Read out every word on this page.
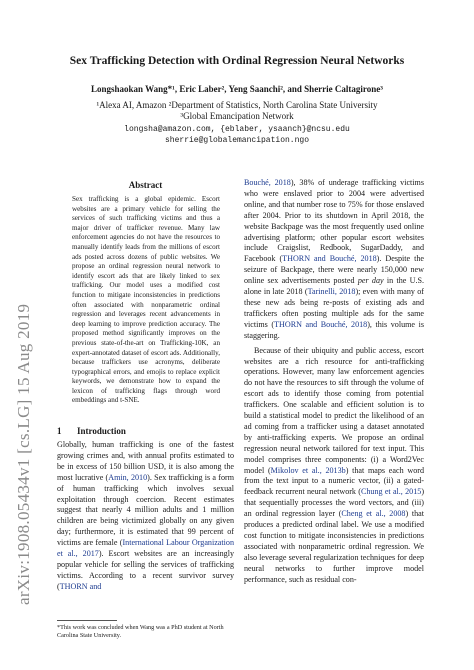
arXiv:1908.05434v1 [cs.LG] 15 Aug 2019
Sex Trafficking Detection with Ordinal Regression Neural Networks
Longshaokan Wang*¹, Eric Laber², Yeng Saanchi², and Sherrie Caltagirone³
¹Alexa AI, Amazon ²Department of Statistics, North Carolina State University
³Global Emancipation Network
longsha@amazon.com, {eblaber, ysaanch}@ncsu.edu
sherrie@globalemancipation.ngo
Abstract
Sex trafficking is a global epidemic. Escort websites are a primary vehicle for selling the services of such trafficking victims and thus a major driver of trafficker revenue. Many law enforcement agencies do not have the resources to manually identify leads from the millions of escort ads posted across dozens of public websites. We propose an ordinal regression neural network to identify escort ads that are likely linked to sex trafficking. Our model uses a modified cost function to mitigate inconsistencies in predictions often associated with nonparametric ordinal regression and leverages recent advancements in deep learning to improve prediction accuracy. The proposed method significantly improves on the previous state-of-the-art on Trafficking-10K, an expert-annotated dataset of escort ads. Additionally, because traffickers use acronyms, deliberate typographical errors, and emojis to replace explicit keywords, we demonstrate how to expand the lexicon of trafficking flags through word embeddings and t-SNE.
1 Introduction

Globally, human trafficking is one of the fastest growing crimes and, with annual profits estimated to be in excess of 150 billion USD, it is also among the most lucrative (Amin, 2010). Sex trafficking is a form of human trafficking which involves sexual exploitation through coercion. Recent estimates suggest that nearly 4 million adults and 1 million children are being victimized globally on any given day; furthermore, it is estimated that 99 percent of victims are female (International Labour Organization et al., 2017). Escort websites are an increasingly popular vehicle for selling the services of trafficking victims. According to a recent survivor survey (THORN and

*This work was concluded when Wang was a PhD student at North Carolina State University.

Bouché, 2018), 38% of underage trafficking victims who were enslaved prior to 2004 were advertised online, and that number rose to 75% for those enslaved after 2004. Prior to its shutdown in April 2018, the website Backpage was the most frequently used online advertising platform; other popular escort websites include Craigslist, Redbook, SugarDaddy, and Facebook (THORN and Bouché, 2018). Despite the seizure of Backpage, there were nearly 150,000 new online sex advertisements posted per day in the U.S. alone in late 2018 (Tarinelli, 2018); even with many of these new ads being re-posts of existing ads and traffickers often posting multiple ads for the same victims (THORN and Bouché, 2018), this volume is staggering.

Because of their ubiquity and public access, escort websites are a rich resource for anti-trafficking operations. However, many law enforcement agencies do not have the resources to sift through the volume of escort ads to identify those coming from potential traffickers. One scalable and efficient solution is to build a statistical model to predict the likelihood of an ad coming from a trafficker using a dataset annotated by anti-trafficking experts. We propose an ordinal regression neural network tailored for text input. This model comprises three components: (i) a Word2Vec model (Mikolov et al., 2013b) that maps each word from the text input to a numeric vector, (ii) a gated-feedback recurrent neural network (Chung et al., 2015) that sequentially processes the word vectors, and (iii) an ordinal regression layer (Cheng et al., 2008) that produces a predicted ordinal label. We use a modified cost function to mitigate inconsistencies in predictions associated with nonparametric ordinal regression. We also leverage several regularization techniques for deep neural networks to further improve model performance, such as residual con-
